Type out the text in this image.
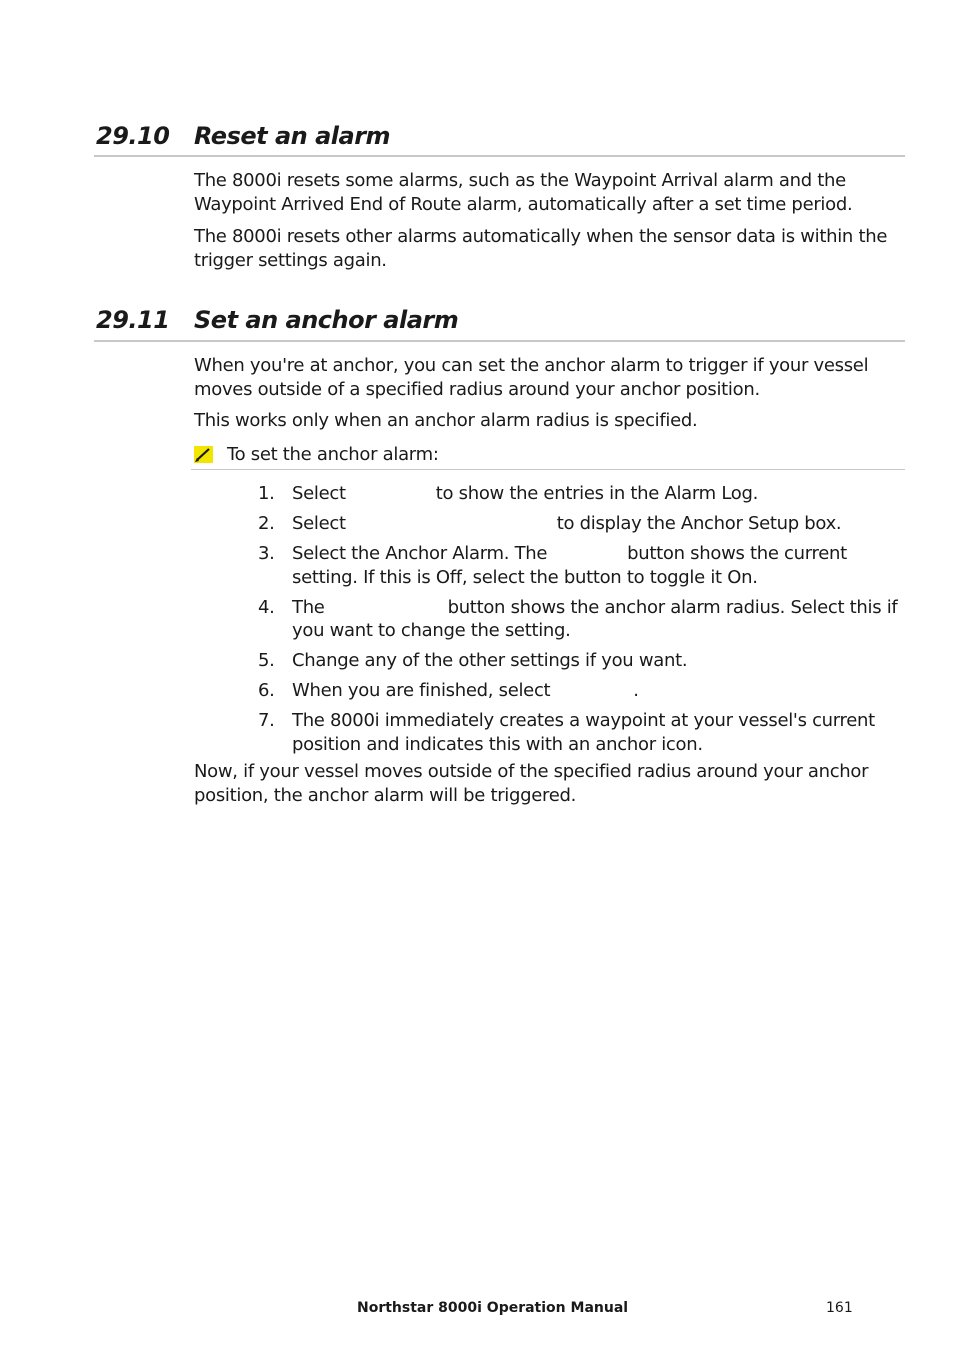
29.10 Reset an alarm

The 8000i resets some alarms, such as the Waypoint Arrival alarm and the Waypoint Arrived End of Route alarm, automatically after a set time period.

The 8000i resets other alarms automatically when the sensor data is within the trigger settings again.

29.11 Set an anchor alarm

When you're at anchor, you can set the anchor alarm to trigger if your vessel moves outside of a specified radius around your anchor position.

This works only when an anchor alarm radius is specified.

To set the anchor alarm:
1. Select	to show the entries in the Alarm Log.
2. Select	to display the Anchor Setup box.
3. Select the Anchor Alarm. The	button shows the current setting. If this is Off, select the button to toggle it On.
4. The	button shows the anchor alarm radius. Select this if you want to change the setting.
5. Change any of the other settings if you want.
6. When you are finished, select	.
7. The 8000i immediately creates a waypoint at your vessel's current position and indicates this with an anchor icon.

Now, if your vessel moves outside of the specified radius around your anchor position, the anchor alarm will be triggered.

Northstar 8000i Operation Manual	161
